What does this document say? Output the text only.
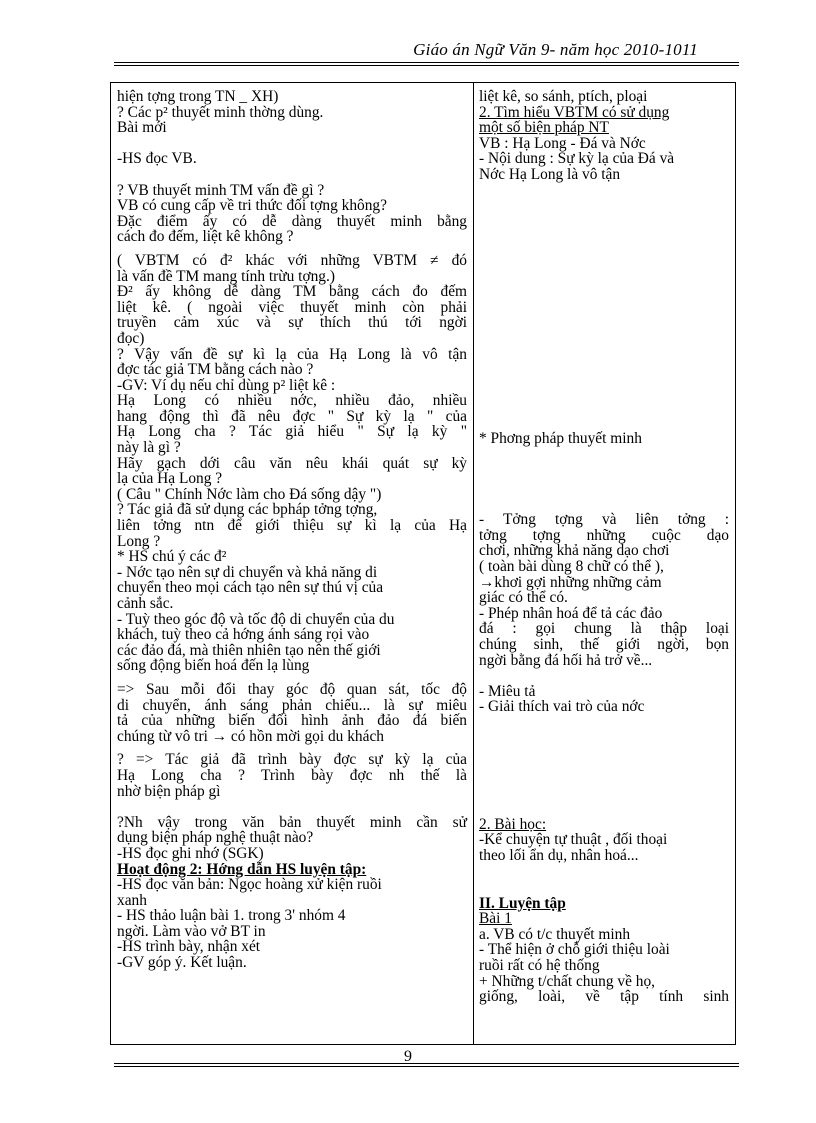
Giáo án Ngữ Văn 9- năm học 2010-1011
hiện tợng trong TN _ XH)
? Các p² thuyết minh thờng dùng.
Bài mới
-HS đọc VB.
? VB thuyết minh TM vấn đề gì ?
VB có cung cấp về tri thức đối tợng không?
Đặc điểm ấy có dễ dàng thuyết minh bằng
cách đo đếm, liệt kê không ?
( VBTM có đ² khác với những VBTM ≠ đó
là vấn đề TM mang tính trừu tợng.)
Đ² ấy không dễ dàng TM bằng cách đo đếm
liệt kê. ( ngoài việc thuyết minh còn phải
truyền cảm xúc và sự thích thú tới ngời
đọc)
? Vậy vấn đề sự kì lạ của Hạ Long là vô tận
đợc tác giả TM bằng cách nào ?
-GV: Ví dụ nếu chỉ dùng p² liệt kê :
Hạ Long có nhiều nớc, nhiều đảo, nhiều
hang động thì đã nêu đợc " Sự kỳ lạ " của
Hạ Long cha ? Tác giả hiểu " Sự lạ kỳ "
này là gì ?
Hãy gạch dới câu văn nêu khái quát sự kỳ
lạ của Hạ Long ?
( Câu " Chính Nớc làm cho Đá sống dậy ")
? Tác giả đã sử dụng các bpháp tởng tợng,
liên tởng ntn để giới thiệu sự kì lạ của Hạ
Long ?
* HS chú ý các đ²
- Nớc tạo nên sự di chuyển và khả năng di
chuyển theo mọi cách tạo nên sự thú vị của
cảnh sắc.
- Tuỳ theo góc độ và tốc độ di chuyển của du
khách, tuỳ theo cả hớng ánh sáng rọi vào
các đảo đá, mà thiên nhiên tạo nên thế giới
sống động biến hoá đến lạ lùng
=> Sau mỗi đổi thay góc độ quan sát, tốc độ
di chuyển, ánh sáng phản chiếu... là sự miêu
tả của những biến đổi hình ảnh đảo đá biến
chúng từ vô tri → có hồn mời gọi du khách
? => Tác giả đã trình bày đợc sự kỳ lạ của
Hạ Long cha ? Trình bày đợc nh thế là
nhờ biện pháp gì
?Nh vậy trong văn bản thuyết minh cần sử
dụng biện pháp nghệ thuật nào?
-HS đọc ghi nhớ (SGK)
Hoạt động 2: Hớng dẫn HS luyện tập:
-HS đọc văn bản: Ngọc hoàng xử kiện ruồi
xanh
- HS thảo luận bài 1. trong 3' nhóm 4
ngời. Làm vào vở BT in
-HS trình bày, nhận xét
-GV góp ý. Kết luận.
liệt kê, so sánh, ptích, ploại
2. Tìm hiểu VBTM có sử dụng
một số biện pháp NT
VB : Hạ Long - Đá và Nớc
- Nội dung : Sự kỳ lạ của Đá và
Nớc Hạ Long là vô tận
* Phơng pháp thuyết minh
- Tởng tợng và liên tởng :
tởng tợng những cuộc dạo
chơi, những khả năng dạo chơi
( toàn bài dùng 8 chữ có thể ),
→khơi gợi những những cảm
giác có thể có.
- Phép nhân hoá để tả các đảo
đá : gọi chung là thập loại
chúng sinh, thế giới ngời, bọn
ngời bằng đá hối hả trở về...
- Miêu tả
- Giải thích vai trò của nớc
2. Bài học:
-Kể chuyện tự thuật , đối thoại
theo lối ẩn dụ, nhân hoá...
II. Luyện tập
Bài 1
a. VB có t/c thuyết minh
- Thể hiện ở chỗ giới thiệu loài
ruồi rất có hệ thống
+ Những t/chất chung về họ,
giống, loài, về tập tính sinh
9
